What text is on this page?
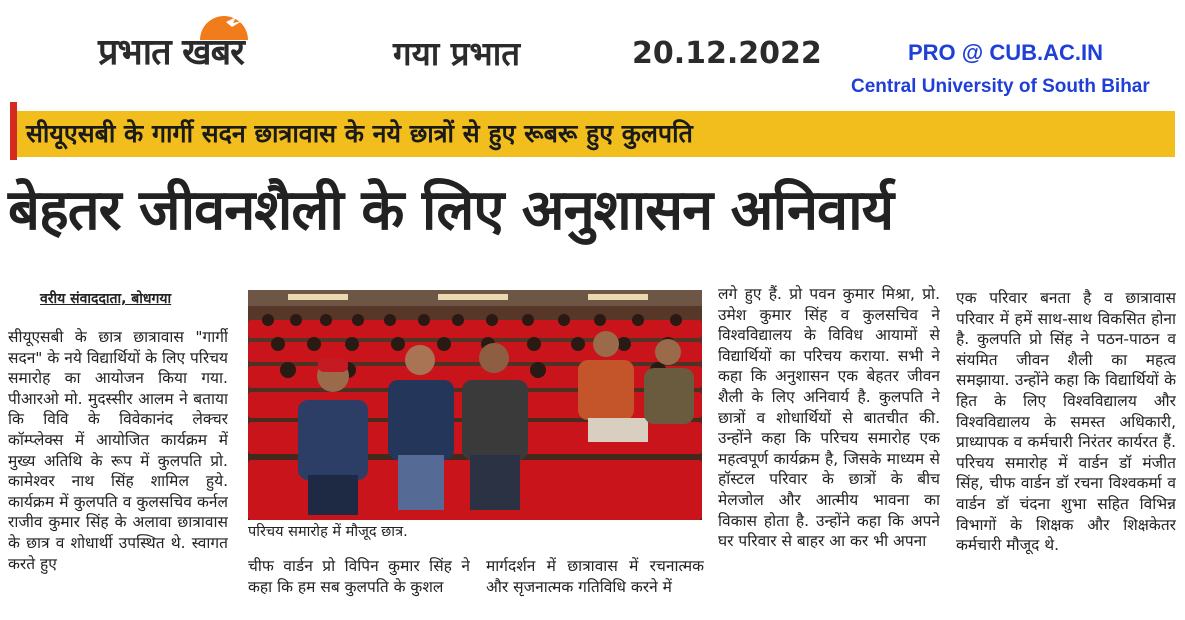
प्रभात खबर	गया प्रभात	20.12.2022	PRO @ CUB.AC.IN
Central University of South Bihar
सीयूएसबी के गार्गी सदन छात्रावास के नये छात्रों से हुए रूबरू हुए कुलपति
बेहतर जीवनशैली के लिए अनुशासन अनिवार्य
वरीय संवाददाता, बोधगया

सीयूएसबी के छात्र छात्रावास "गार्गी सदन" के नये विद्यार्थियों के लिए परिचय समारोह का आयोजन किया गया. पीआरओ मो. मुदस्सीर आलम ने बताया कि विवि के विवेकानंद लेक्चर कॉम्प्लेक्स में आयोजित कार्यक्रम में मुख्य अतिथि के रूप में कुलपति प्रो. कामेश्वर नाथ सिंह शामिल हुये. कार्यक्रम में कुलपति व कुलसचिव कर्नल राजीव कुमार सिंह के अलावा छात्रावास के छात्र व शोधार्थी उपस्थित थे. स्वागत करते हुए

परिचय समारोह में मौजूद छात्र.

चीफ वार्डन प्रो विपिन कुमार सिंह ने कहा कि हम सब कुलपति के कुशल

मार्गदर्शन में छात्रावास में रचनात्मक और सृजनात्मक गतिविधि करने में

लगे हुए हैं. प्रो पवन कुमार मिश्रा, प्रो. उमेश कुमार सिंह व कुलसचिव ने विश्वविद्यालय के विविध आयामों से विद्यार्थियों का परिचय कराया. सभी ने कहा कि अनुशासन एक बेहतर जीवन शैली के लिए अनिवार्य है. कुलपति ने छात्रों व शोधार्थियों से बातचीत की. उन्होंने कहा कि परिचय समारोह एक महत्वपूर्ण कार्यक्रम है, जिसके माध्यम से हॉस्टल परिवार के छात्रों के बीच मेलजोल और आत्मीय भावना का विकास होता है. उन्होंने कहा कि अपने घर परिवार से बाहर आ कर भी अपना

एक परिवार बनता है व छात्रावास परिवार में हमें साथ-साथ विकसित होना है. कुलपति प्रो सिंह ने पठन-पाठन व संयमित जीवन शैली का महत्व समझाया. उन्होंने कहा कि विद्यार्थियों के हित के लिए विश्वविद्यालय और विश्वविद्यालय के समस्त अधिकारी, प्राध्यापक व कर्मचारी निरंतर कार्यरत हैं. परिचय समारोह में वार्डन डॉ मंजीत सिंह, चीफ वार्डन डॉ रचना विश्वकर्मा व वार्डन डॉ चंदना शुभा सहित विभिन्न विभागों के शिक्षक और शिक्षकेतर कर्मचारी मौजूद थे.
